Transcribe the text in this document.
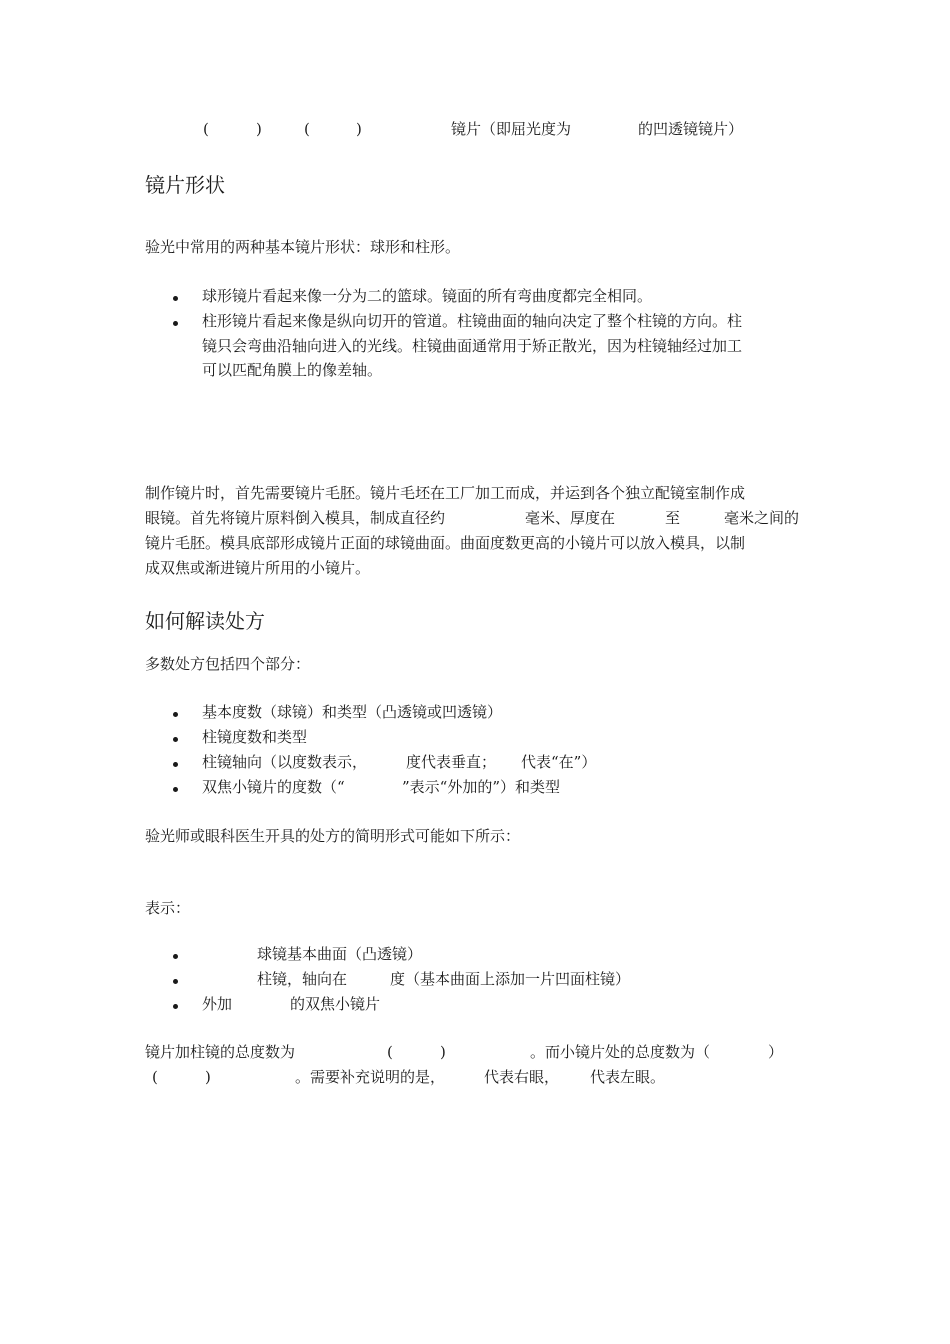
(	)	(	)	镜片（即屈光度为	的凹透镜镜片）
镜片形状
验光中常用的两种基本镜片形状：球形和柱形。
球形镜片看起来像一分为二的篮球。镜面的所有弯曲度都完全相同。
柱形镜片看起来像是纵向切开的管道。柱镜曲面的轴向决定了整个柱镜的方向。柱
镜只会弯曲沿轴向进入的光线。柱镜曲面通常用于矫正散光，因为柱镜轴经过加工
可以匹配角膜上的像差轴。
制作镜片时，首先需要镜片毛胚。镜片毛坯在工厂加工而成，并运到各个独立配镜室制作成
眼镜。首先将镜片原料倒入模具，制成直径约	毫米、厚度在	至	毫米之间的
镜片毛胚。模具底部形成镜片正面的球镜曲面。曲面度数更高的小镜片可以放入模具，以制
成双焦或渐进镜片所用的小镜片。
如何解读处方
多数处方包括四个部分：
基本度数（球镜）和类型（凸透镜或凹透镜）
柱镜度数和类型
柱镜轴向（以度数表示，	度代表垂直； 代表“在”）
双焦小镜片的度数（“	”表示“外加的”）和类型
验光师或眼科医生开具的处方的简明形式可能如下所示：
表示：
球镜基本曲面（凸透镜）
柱镜，轴向在	度（基本曲面上添加一片凹面柱镜）
外加	的双焦小镜片
镜片加柱镜的总度数为	(	)	。而小镜片处的总度数为（	）
(	)	。需要补充说明的是，	代表右眼， 代表左眼。
